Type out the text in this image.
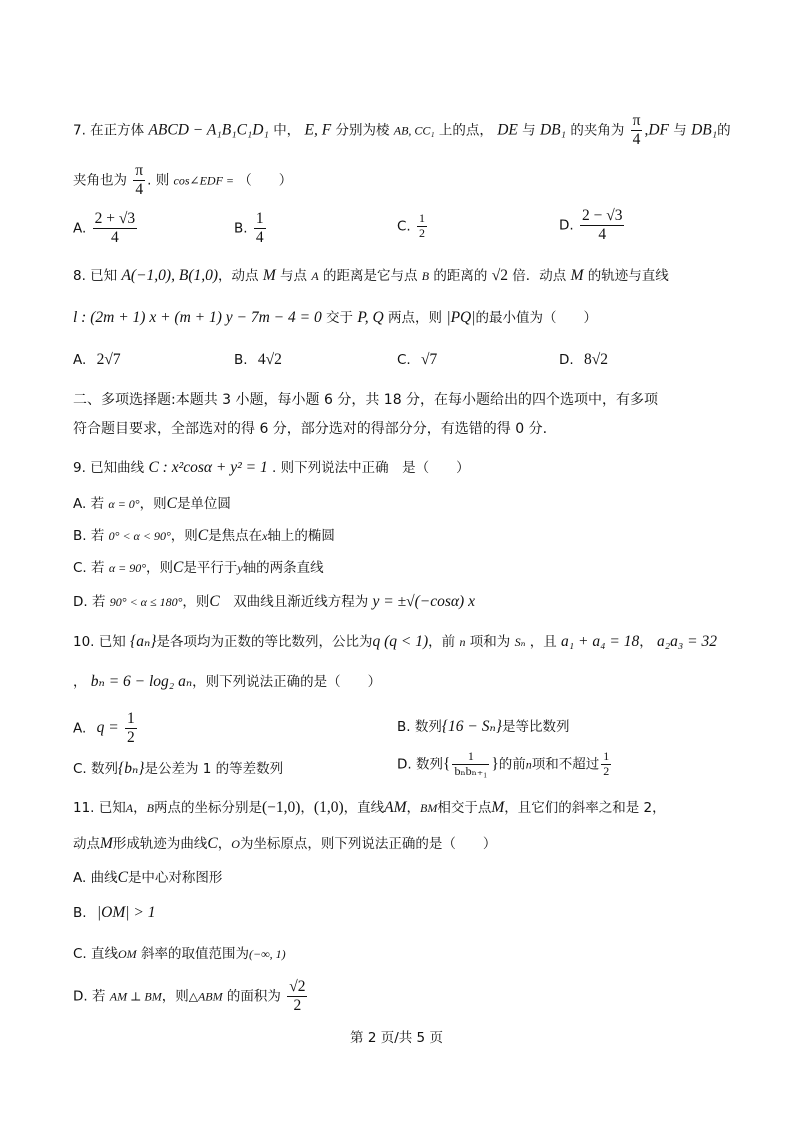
7. 在正方体 ABCD − A₁B₁C₁D₁ 中， E, F 分别为棱 AB, CC₁ 上的点， DE 与 DB₁ 的夹角为 $\frac{\pi}{4} ,DF$ 与 DB₁的
夹角也为 $\frac{\pi}{4}$ . 则 cos∠EDF = （　　）
A. $\frac{2 + √3}{4}$	B. $\frac{1}{4}$	C. $\frac{1}{2}$	D. $\frac{2 - √3}{4}$
8. 已知 A(−1,0), B(1,0)，动点 M 与点 A 的距离是它与点 B 的距离的 √2 倍．动点 M 的轨迹与直线
l : (2m + 1) x + (m + 1) y − 7m − 4 = 0 交于 P, Q 两点，则 |PQ|的最小值为（　　）
A. 2√7	B. 4√2	C. √7	D. 8√2
二、多项选择题:本题共 3 小题，每小题 6 分，共 18 分，在每小题给出的四个选项中，有多项
符合题目要求，全部选对的得 6 分，部分选对的得部分分，有选错的得 0 分.
9. 已知曲线 C : x²cosα + y² = 1 . 则下列说法中正确　是（　　）
A. 若 α = 0°，则C是单位圆
B. 若 0° < α < 90°，则C是焦点在x轴上的椭圆
C. 若 α = 90°，则C是平行于y轴的两条直线
D. 若 90° < α ≤ 180°，则C　双曲线且渐近线方程为 y = ±√(−cosα) x
10. 已知 {aₙ}是各项均为正数的等比数列，公比为q (q < 1)，前 n 项和为 Sₙ ，且 a₁ + a₄ = 18， a₂a₃ = 32
， bₙ = 6 − log₂ aₙ，则下列说法正确的是（　　）
A. $q = \frac{1}{2}$	B. 数列{16 − Sₙ}是等比数列
C. 数列{bₙ}是公差为 1 的等差数列	D. 数列{ $\frac{1}{\text{bₙbₙ₊₁}}$ }的前n项和不超过 $\frac{1}{2}$
11. 已知A，B两点的坐标分别是(−1,0)，(1,0)，直线AM，BM相交于点M，且它们的斜率之和是 2，
动点M形成轨迹为曲线C，O为坐标原点，则下列说法正确的是（　　）
A. 曲线C是中心对称图形
B. |OM| > 1
C. 直线OM 斜率的取值范围为(−∞, 1)
D. 若 AM ⊥ BM，则△ABM 的面积为 $\frac{√2}{2}$
第 2 页/共 5 页
